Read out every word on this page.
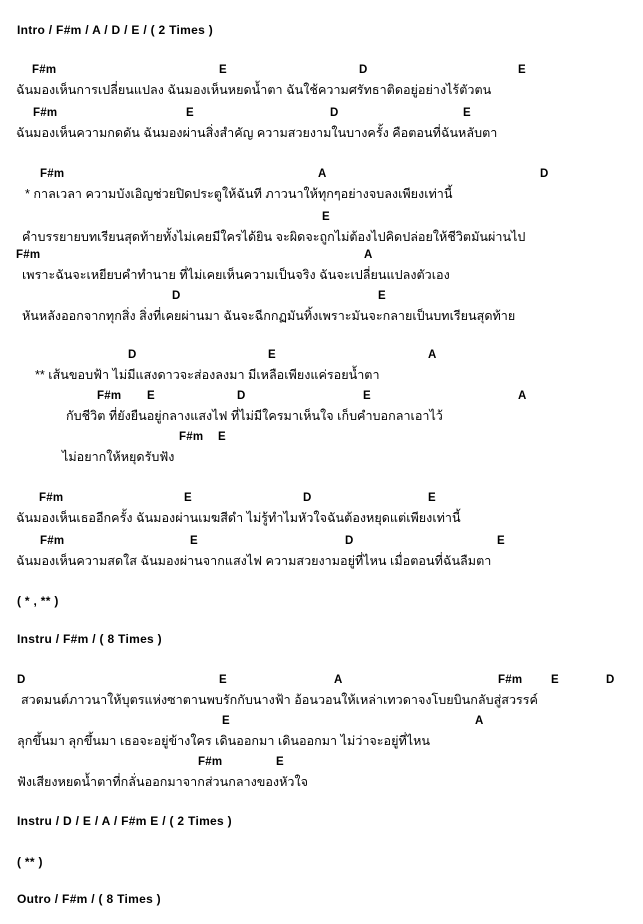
Intro / F#m / A / D / E / ( 2 Times )
( * , ** )
Instru / F#m / ( 8 Times )
Instru / D / E / A / F#m E / ( 2 Times )
( ** )
Outro / F#m / ( 8 Times )
F#m	E	D	E
ฉันมองเห็นการเปลี่ยนแปลง ฉันมองเห็นหยดน้ำตา ฉันใช้ความศรัทธาติดอยู่อย่างไร้ตัวตน
F#m	E	D	E
ฉันมองเห็นความกดดัน ฉันมองผ่านสิ่งสำคัญ ความสวยงามในบางครั้ง คือตอนที่ฉันหลับตา
F#m	A	D
* กาลเวลา ความบังเอิญช่วยปิดประตูให้ฉันที ภาวนาให้ทุกๆอย่างจบลงเพียงเท่านี้
E
คำบรรยายบทเรียนสุดท้ายทั้งไม่เคยมีใครได้ยิน จะผิดจะถูกไม่ต้องไปคิดปล่อยให้ชีวิตมันผ่านไป
F#m	A
เพราะฉันจะเหยียบคำทำนาย ที่ไม่เคยเห็นความเป็นจริง ฉันจะเปลี่ยนแปลงตัวเอง
D	E
หันหลังออกจากทุกสิ่ง สิ่งที่เคยผ่านมา ฉันจะฉีกกฏมันทิ้งเพราะมันจะกลายเป็นบทเรียนสุดท้าย
D	E	A
** เส้นขอบฟ้า ไม่มีแสงดาวจะส่องลงมา มีเหลือเพียงแค่รอยน้ำตา
F#m E	D	E	A
กับชีวิต ที่ยังยืนอยู่กลางแสงไฟ ที่ไม่มีใครมาเห็นใจ เก็บคำบอกลาเอาไว้
F#m E
ไม่อยากให้หยุดรับฟัง
F#m	E	D	E
ฉันมองเห็นเธออีกครั้ง ฉันมองผ่านเมฆสีดำ ไม่รู้ทำไมหัวใจฉันต้องหยุดแต่เพียงเท่านี้
F#m	E	D	E
ฉันมองเห็นความสดใส ฉันมองผ่านจากแสงไฟ ความสวยงามอยู่ที่ไหน เมื่อตอนที่ฉันลืมตา
D	E	A	F#m	E	D
สวดมนต์ภาวนาให้บุตรแห่งซาตานพบรักกับนางฟ้า อ้อนวอนให้เหล่าเทวดาจงโบยบินกลับสู่สวรรค์
E	A
ลุกขึ้นมา ลุกขึ้นมา เธอจะอยู่ข้างใคร เดินออกมา เดินออกมา ไม่ว่าจะอยู่ที่ไหน
F#m	E
ฟังเสียงหยดน้ำตาที่กลั่นออกมาจากส่วนกลางของหัวใจ
